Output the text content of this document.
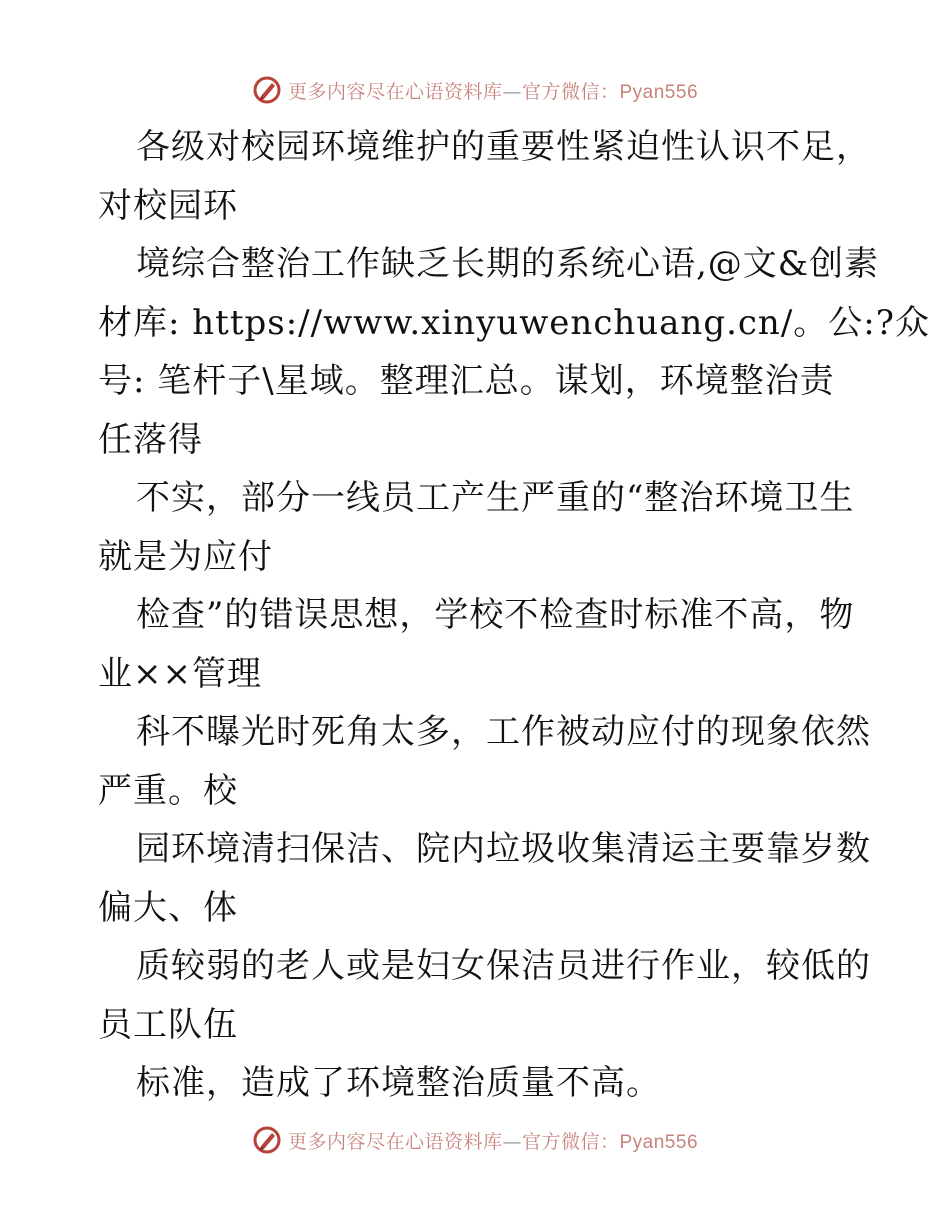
更多内容尽在心语资料库—官方微信：Pyan556
各级对校园环境维护的重要性紧迫性认识不足，
对校园环
境综合整治工作缺乏长期的系统心语,@文&创素
材库: https://www.xinyuwenchuang.cn/。公:?众
号: 笔杆子\星域。整理汇总。谋划，环境整治责
任落得
不实，部分一线员工产生严重的“整治环境卫生
就是为应付
检查”的错误思想，学校不检查时标准不高，物
业××管理
科不曝光时死角太多，工作被动应付的现象依然
严重。校
园环境清扫保洁、院内垃圾收集清运主要靠岁数
偏大、体
质较弱的老人或是妇女保洁员进行作业，较低的
员工队伍
标准，造成了环境整治质量不高。
更多内容尽在心语资料库—官方微信：Pyan556
